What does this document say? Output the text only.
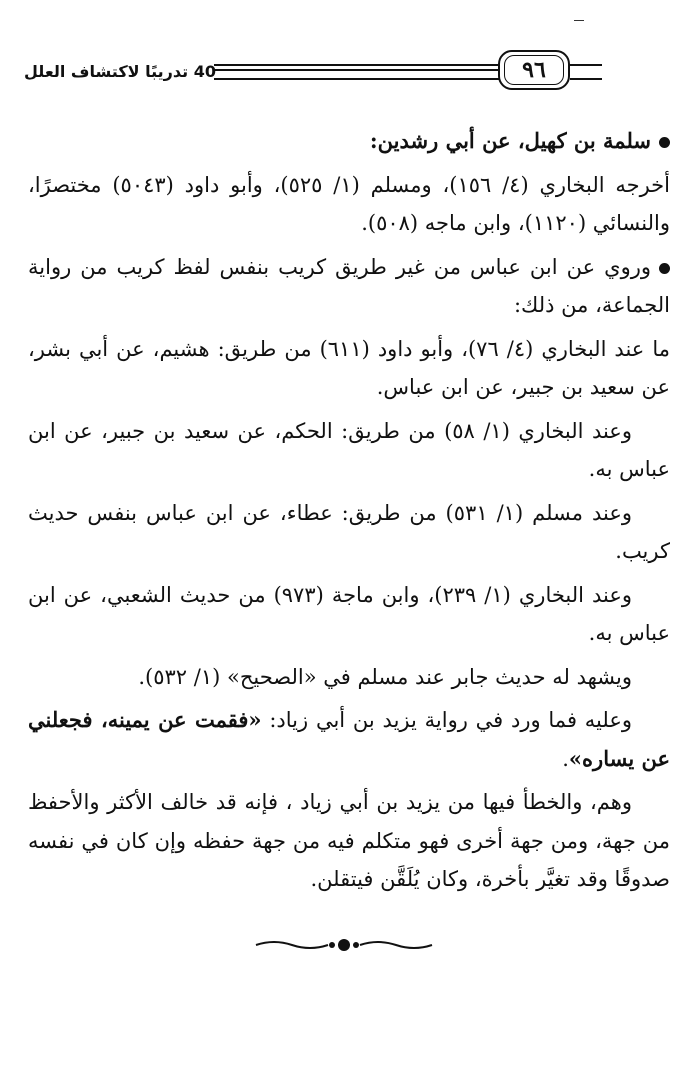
40 تدريبًا لاكتشاف العلل	٩٦

سلمة بن كهيل، عن أبي رشدين:

أخرجه البخاري (٤/ ١٥٦)، ومسلم (١/ ٥٢٥)، وأبو داود (٥٠٤٣) مختصرًا، والنسائي (١١٢٠)، وابن ماجه (٥٠٨).

وروي عن ابن عباس من غير طريق كريب بنفس لفظ كريب من رواية الجماعة، من ذلك:

ما عند البخاري (٤/ ٧٦)، وأبو داود (٦١١) من طريق: هشيم، عن أبي بشر، عن سعيد بن جبير، عن ابن عباس.

وعند البخاري (١/ ٥٨) من طريق: الحكم، عن سعيد بن جبير، عن ابن عباس به.

وعند مسلم (١/ ٥٣١) من طريق: عطاء، عن ابن عباس بنفس حديث كريب.

وعند البخاري (١/ ٢٣٩)، وابن ماجة (٩٧٣) من حديث الشعبي، عن ابن عباس به.

ويشهد له حديث جابر عند مسلم في «الصحيح» (١/ ٥٣٢).

وعليه فما ورد في رواية يزيد بن أبي زياد: «فقمت عن يمينه، فجعلني عن يساره».

وهم، والخطأ فيها من يزيد بن أبي زياد ، فإنه قد خالف الأكثر والأحفظ من جهة، ومن جهة أخرى فهو متكلم فيه من جهة حفظه وإن كان في نفسه صدوقًا وقد تغيَّر بأخرة، وكان يُلَقَّن فيتقلن.
